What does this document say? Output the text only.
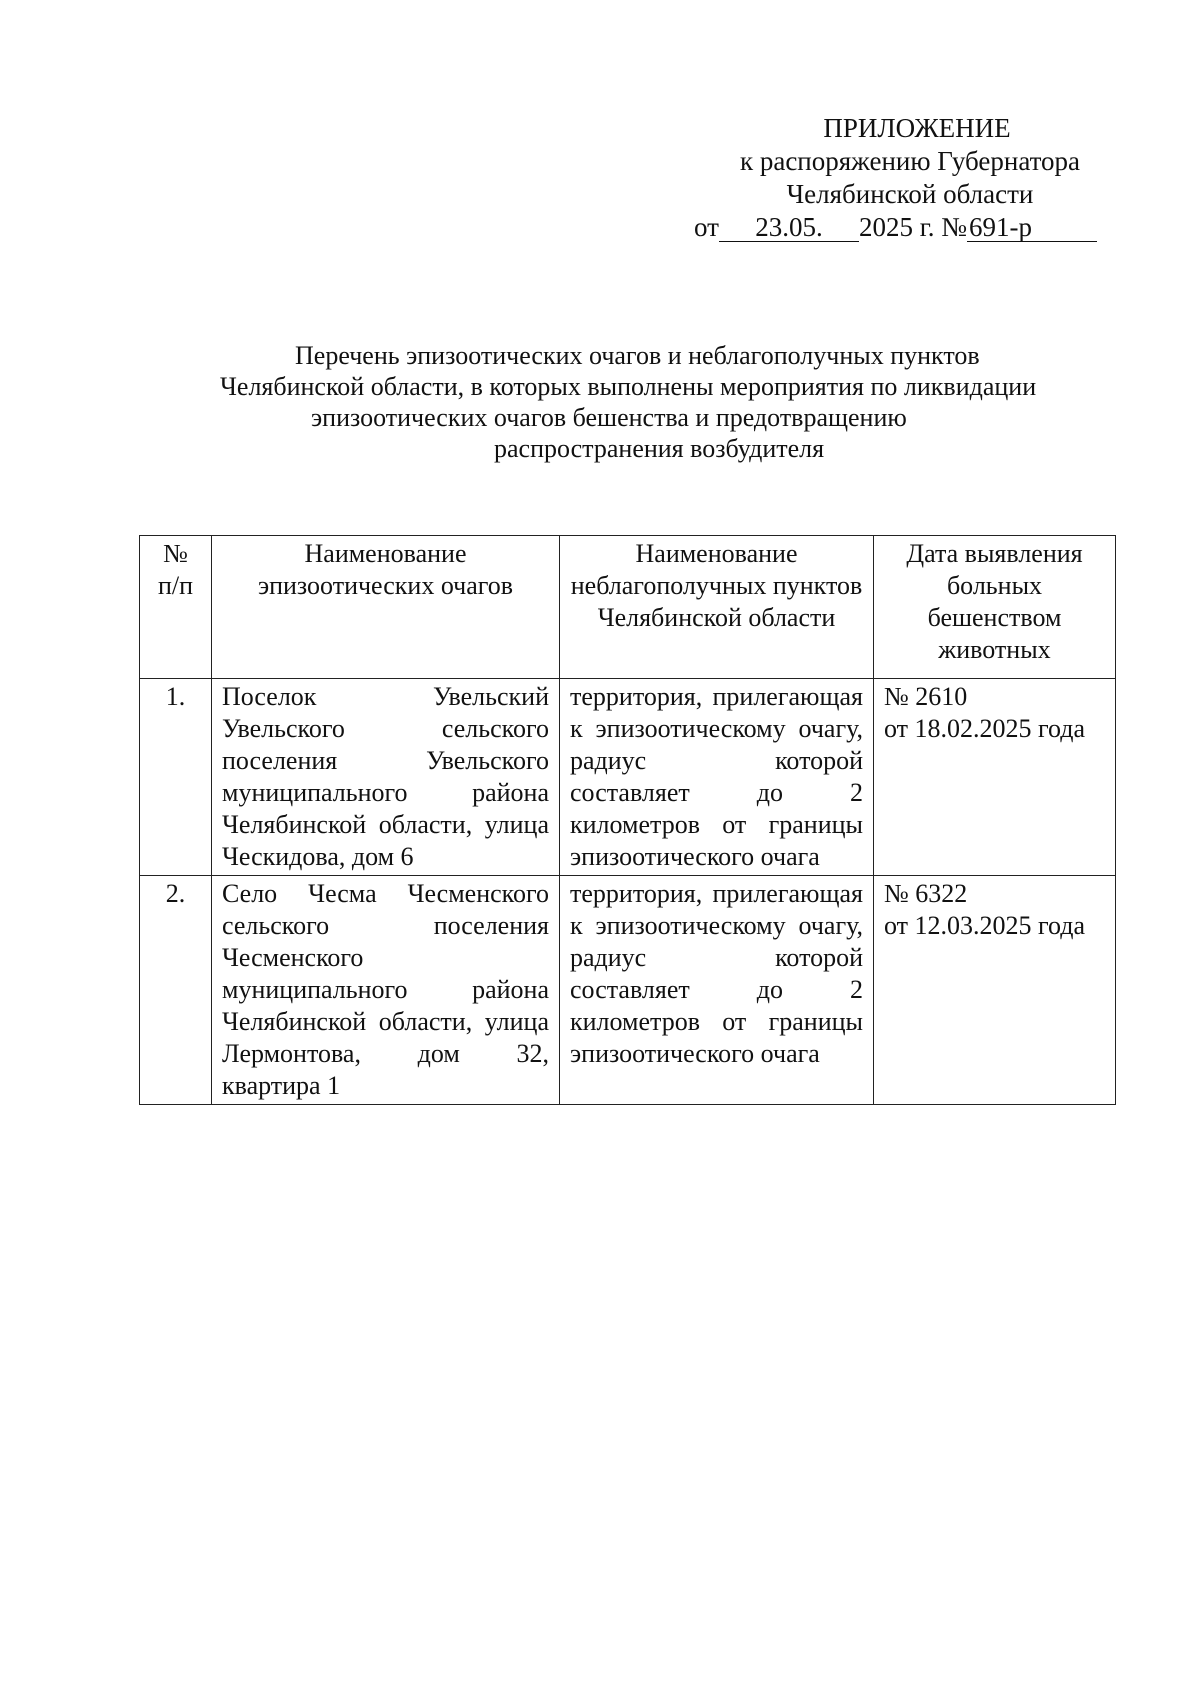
ПРИЛОЖЕНИЕ
к распоряжению Губернатора
Челябинской области
от 23.05. 2025 г. №691-р
Перечень эпизоотических очагов и неблагополучных пунктов
Челябинской области, в которых выполнены мероприятия по ликвидации
эпизоотических очагов бешенства и предотвращению
распространения возбудителя
№ п/п	Наименование эпизоотических очагов	Наименование неблагополучных пунктов Челябинской области	Дата выявления больных бешенством животных
1.	Поселок Увельский Увельского сельского поселения Увельского муниципального района Челябинской области, улица Ческидова, дом 6	территория, прилегающая к эпизоотическому очагу, радиус которой составляет до 2 километров от границы эпизоотического очага	№ 2610
от 18.02.2025 года

2.	Село Чесма Чесменского сельского поселения Чесменского муниципального района Челябинской области, улица Лермонтова, дом 32, квартира 1	территория, прилегающая к эпизоотическому очагу, радиус которой составляет до 2 километров от границы эпизоотического очага	№ 6322
от 12.03.2025 года
